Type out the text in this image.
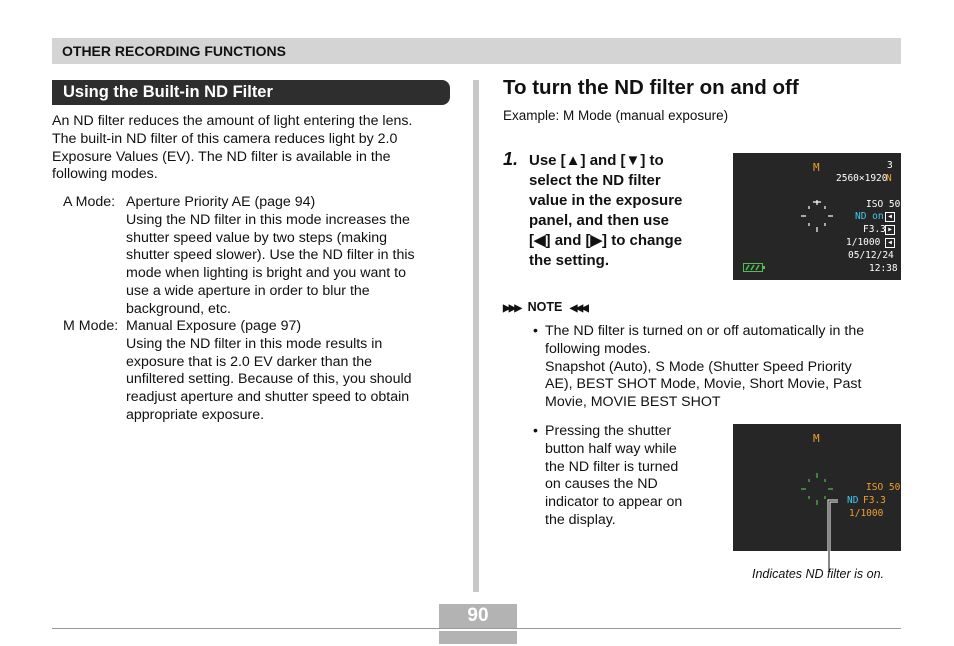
OTHER RECORDING FUNCTIONS
Using the Built-in ND Filter
An ND filter reduces the amount of light entering the lens.
The built-in ND filter of this camera reduces light by 2.0
Exposure Values (EV). The ND filter is available in the
following modes.
A Mode: Aperture Priority AE (page 94)
Using the ND filter in this mode increases the
shutter speed value by two steps (making
shutter speed slower). Use the ND filter in this
mode when lighting is bright and you want to
use a wide aperture in order to blur the
background, etc.
M Mode: Manual Exposure (page 97)
Using the ND filter in this mode results in
exposure that is 2.0 EV darker than the
unfiltered setting. Because of this, you should
readjust aperture and shutter speed to obtain
appropriate exposure.
To turn the ND filter on and off
Example: M Mode (manual exposure)
1. Use [▲] and [▼] to
select the ND filter
value in the exposure
panel, and then use
[◀] and [▶] to change
the setting.
M	3
2560×1920
N
ISO 50
ND on ◀
F3.3 ▶
1/1000	◀
05/12/24
12:38
▶▶▶ NOTE ◀◀◀
• The ND filter is turned on or off automatically in the
following modes.
Snapshot (Auto), S Mode (Shutter Speed Priority
AE), BEST SHOT Mode, Movie, Short Movie, Past
Movie, MOVIE BEST SHOT
• Pressing the shutter
button half way while
the ND filter is turned
on causes the ND
indicator to appear on
the display.
M
ISO 50
ND F3.3
1/1000
Indicates ND filter is on.
90
